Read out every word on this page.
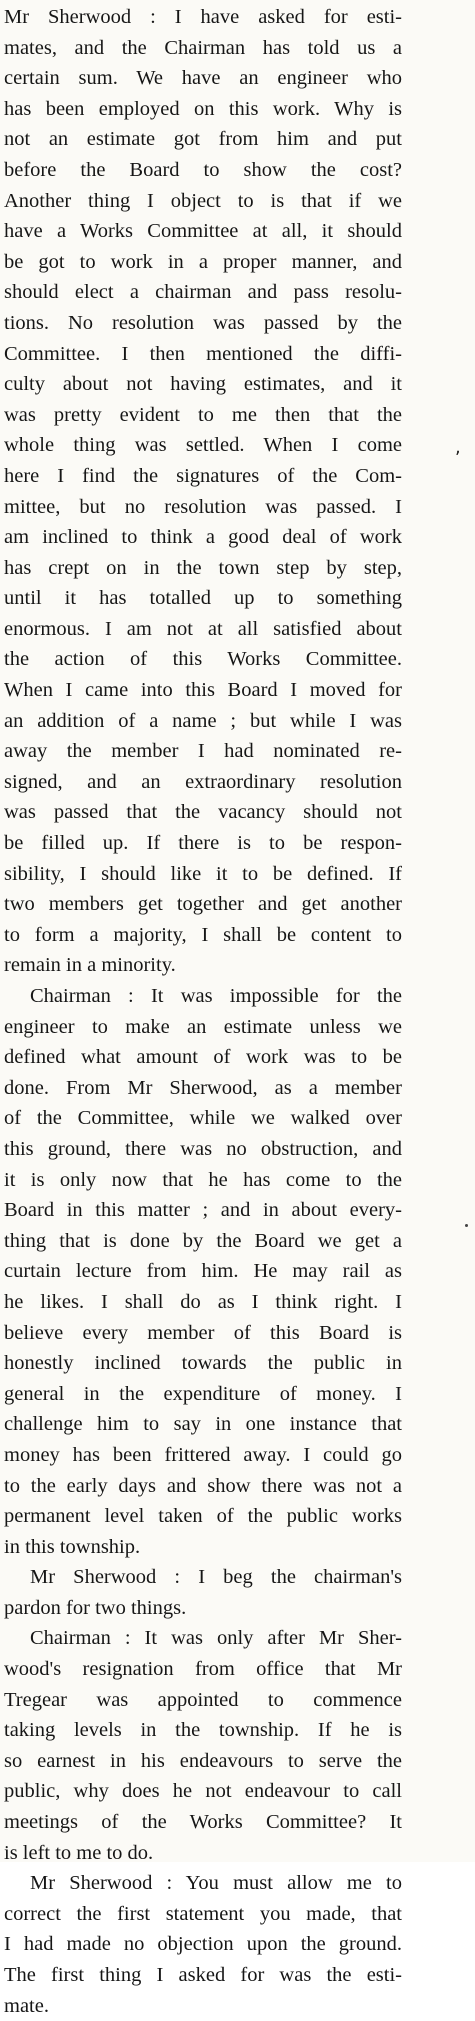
Mr Sherwood : I have asked for esti-
mates, and the Chairman has told us a
certain sum. We have an engineer who
has been employed on this work. Why is
not an estimate got from him and put
before the Board to show the cost?
Another thing I object to is that if we
have a Works Committee at all, it should
be got to work in a proper manner, and
should elect a chairman and pass resolu-
tions. No resolution was passed by the
Committee. I then mentioned the diffi-
culty about not having estimates, and it
was pretty evident to me then that the
whole thing was settled. When I come
here I find the signatures of the Com-
mittee, but no resolution was passed. I
am inclined to think a good deal of work
has crept on in the town step by step,
until it has totalled up to something
enormous. I am not at all satisfied about
the action of this Works Committee.
When I came into this Board I moved for
an addition of a name ; but while I was
away the member I had nominated re-
signed, and an extraordinary resolution
was passed that the vacancy should not
be filled up. If there is to be respon-
sibility, I should like it to be defined. If
two members get together and get another
to form a majority, I shall be content to
remain in a minority.
Chairman : It was impossible for the
engineer to make an estimate unless we
defined what amount of work was to be
done. From Mr Sherwood, as a member
of the Committee, while we walked over
this ground, there was no obstruction, and
it is only now that he has come to the
Board in this matter ; and in about every-
thing that is done by the Board we get a
curtain lecture from him. He may rail as
he likes. I shall do as I think right. I
believe every member of this Board is
honestly inclined towards the public in
general in the expenditure of money. I
challenge him to say in one instance that
money has been frittered away. I could go
to the early days and show there was not a
permanent level taken of the public works
in this township.
Mr Sherwood : I beg the chairman's
pardon for two things.
Chairman : It was only after Mr Sher-
wood's resignation from office that Mr
Tregear was appointed to commence
taking levels in the township. If he is
so earnest in his endeavours to serve the
public, why does he not endeavour to call
meetings of the Works Committee? It
is left to me to do.
Mr Sherwood : You must allow me to
correct the first statement you made, that
I had made no objection upon the ground.
The first thing I asked for was the esti-
mate.
,
